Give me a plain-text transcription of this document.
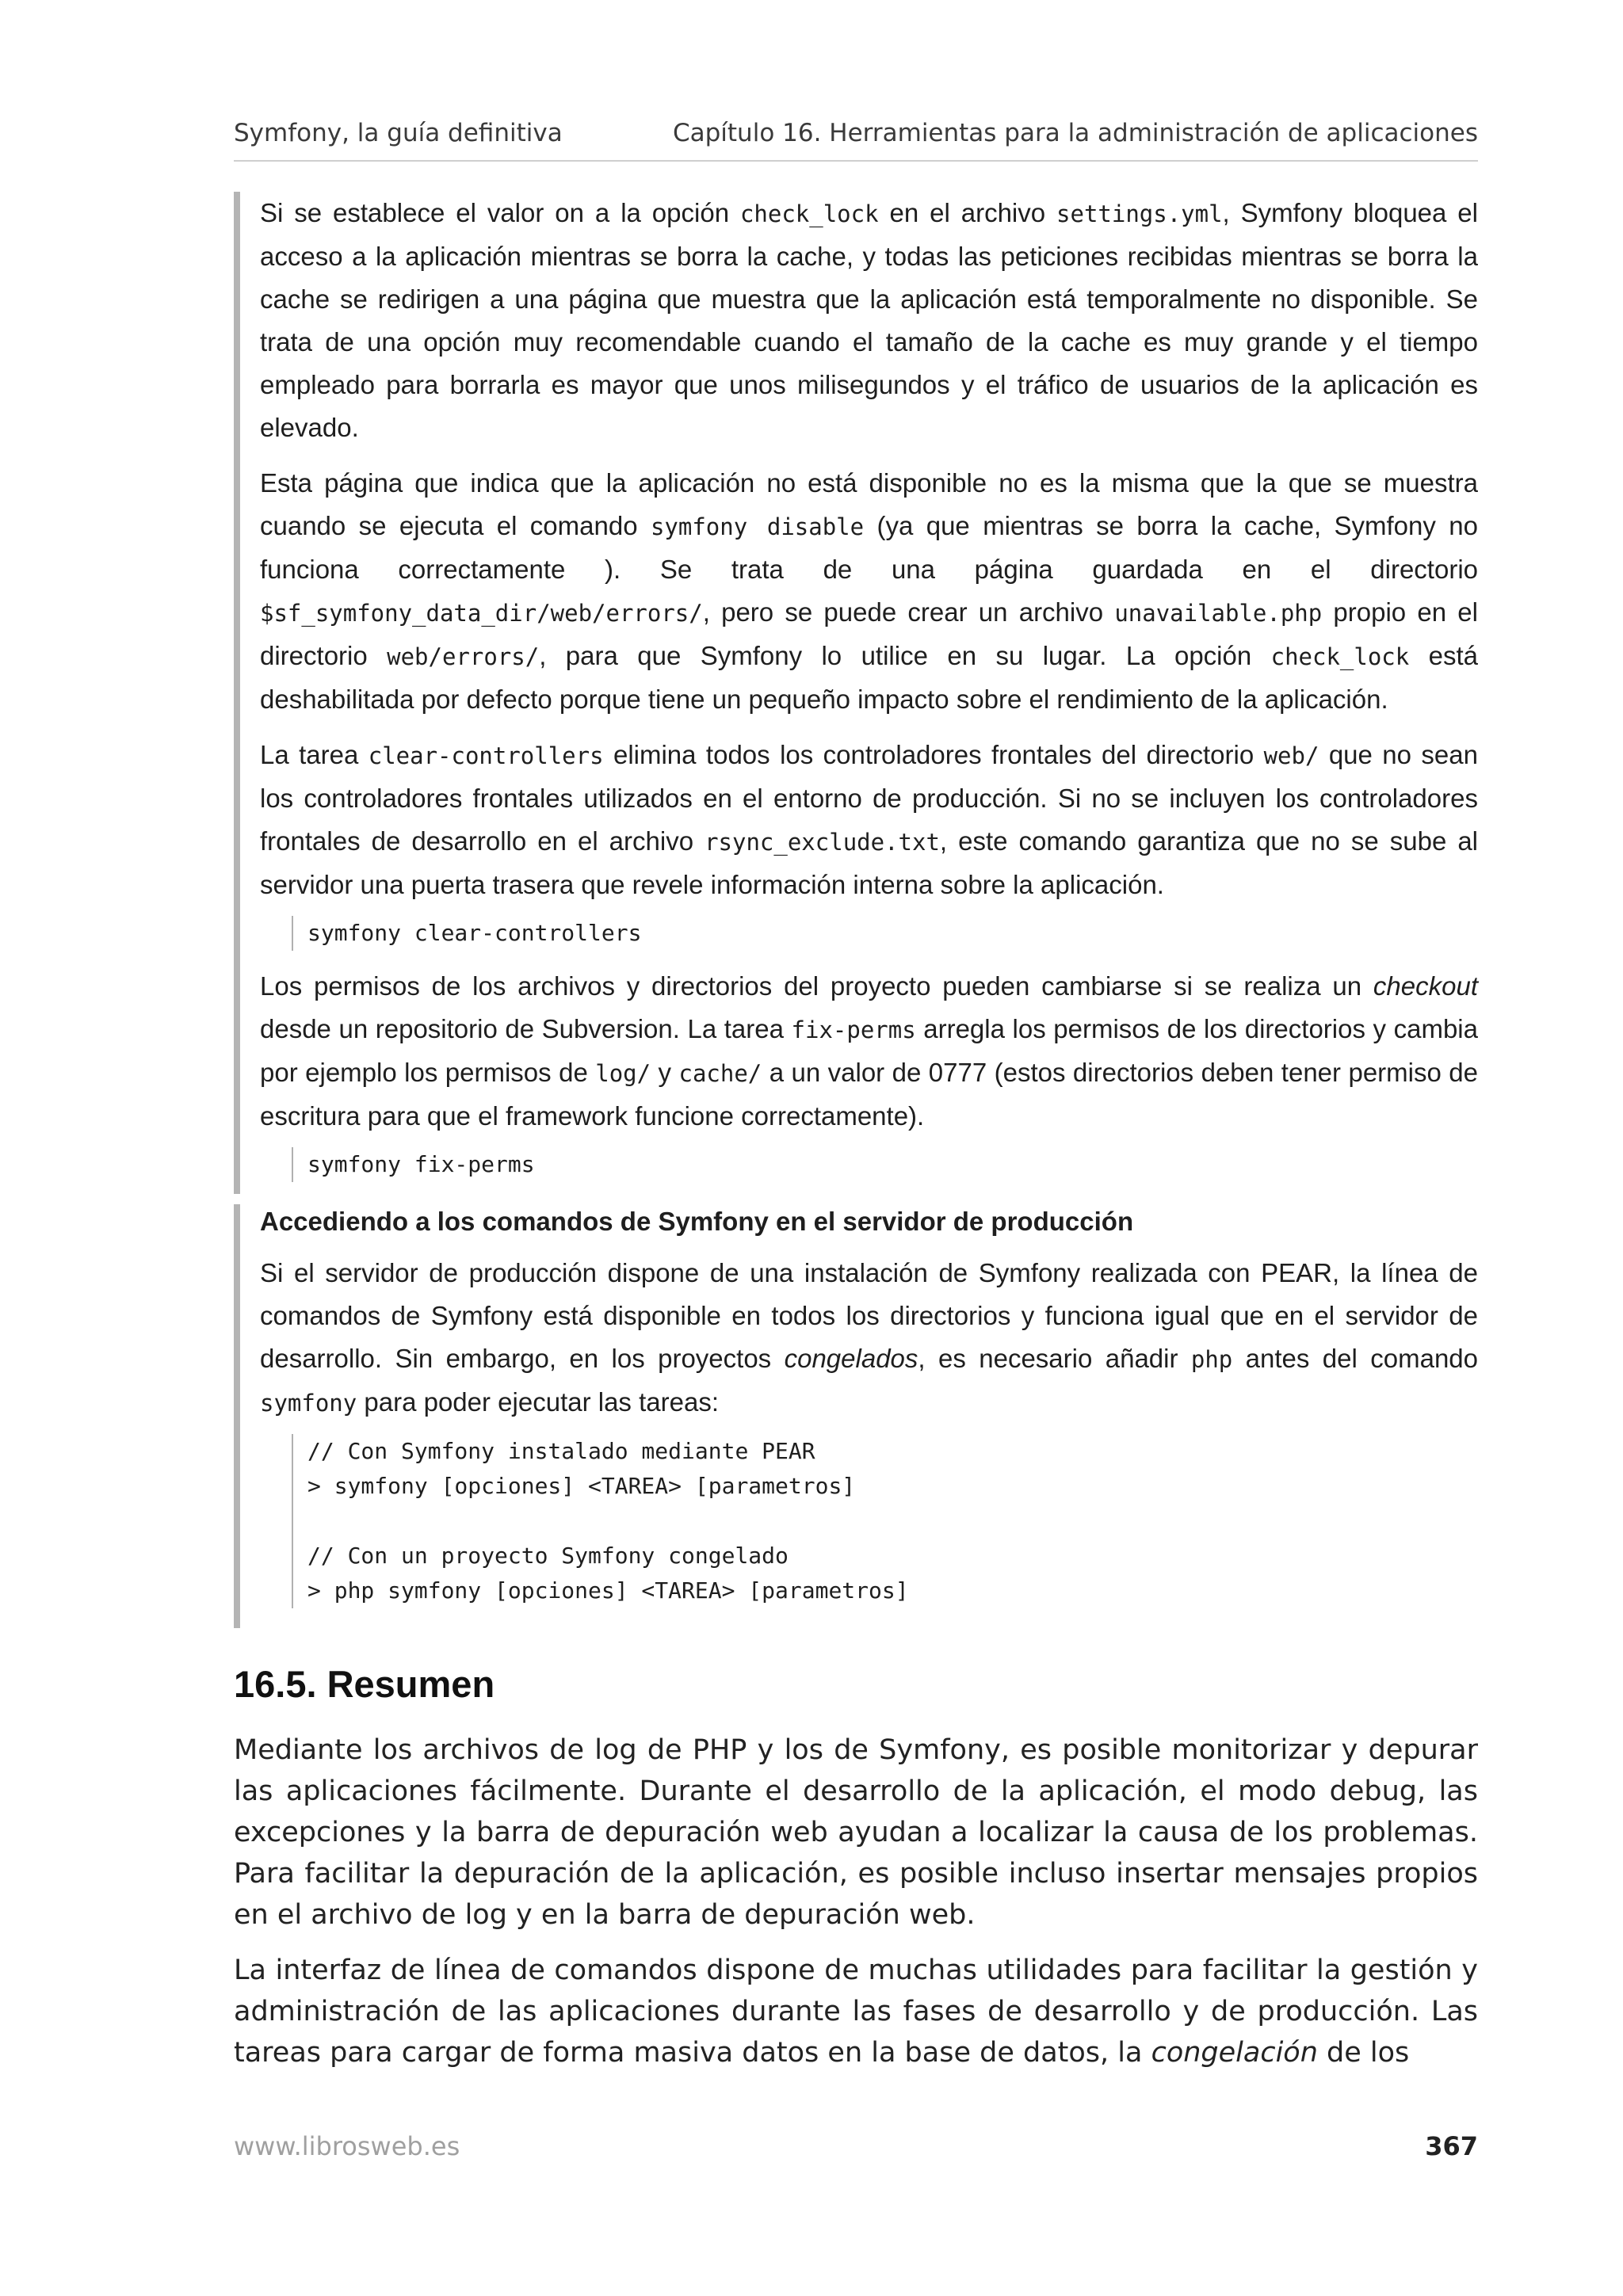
Symfony, la guía definitiva	Capítulo 16. Herramientas para la administración de aplicaciones

Si se establece el valor on a la opción check_lock en el archivo settings.yml, Symfony bloquea el acceso a la aplicación mientras se borra la cache, y todas las peticiones recibidas mientras se borra la cache se redirigen a una página que muestra que la aplicación está temporalmente no disponible. Se trata de una opción muy recomendable cuando el tamaño de la cache es muy grande y el tiempo empleado para borrarla es mayor que unos milisegundos y el tráfico de usuarios de la aplicación es elevado.

Esta página que indica que la aplicación no está disponible no es la misma que la que se muestra cuando se ejecuta el comando symfony disable (ya que mientras se borra la cache, Symfony no funciona correctamente ). Se trata de una página guardada en el directorio $sf_symfony_data_dir/web/errors/, pero se puede crear un archivo unavailable.php propio en el directorio web/errors/, para que Symfony lo utilice en su lugar. La opción check_lock está deshabilitada por defecto porque tiene un pequeño impacto sobre el rendimiento de la aplicación.

La tarea clear-controllers elimina todos los controladores frontales del directorio web/ que no sean los controladores frontales utilizados en el entorno de producción. Si no se incluyen los controladores frontales de desarrollo en el archivo rsync_exclude.txt, este comando garantiza que no se sube al servidor una puerta trasera que revele información interna sobre la aplicación.

symfony clear-controllers

Los permisos de los archivos y directorios del proyecto pueden cambiarse si se realiza un checkout desde un repositorio de Subversion. La tarea fix-perms arregla los permisos de los directorios y cambia por ejemplo los permisos de log/ y cache/ a un valor de 0777 (estos directorios deben tener permiso de escritura para que el framework funcione correctamente).

symfony fix-perms

Accediendo a los comandos de Symfony en el servidor de producción

Si el servidor de producción dispone de una instalación de Symfony realizada con PEAR, la línea de comandos de Symfony está disponible en todos los directorios y funciona igual que en el servidor de desarrollo. Sin embargo, en los proyectos congelados, es necesario añadir php antes del comando symfony para poder ejecutar las tareas:

// Con Symfony instalado mediante PEAR
> symfony [opciones] <TAREA> [parametros]
// Con un proyecto Symfony congelado
> php symfony [opciones] <TAREA> [parametros]
16.5. Resumen

Mediante los archivos de log de PHP y los de Symfony, es posible monitorizar y depurar las aplicaciones fácilmente. Durante el desarrollo de la aplicación, el modo debug, las excepciones y la barra de depuración web ayudan a localizar la causa de los problemas. Para facilitar la depuración de la aplicación, es posible incluso insertar mensajes propios en el archivo de log y en la barra de depuración web.

La interfaz de línea de comandos dispone de muchas utilidades para facilitar la gestión y administración de las aplicaciones durante las fases de desarrollo y de producción. Las tareas para cargar de forma masiva datos en la base de datos, la congelación de los

www.librosweb.es	367
